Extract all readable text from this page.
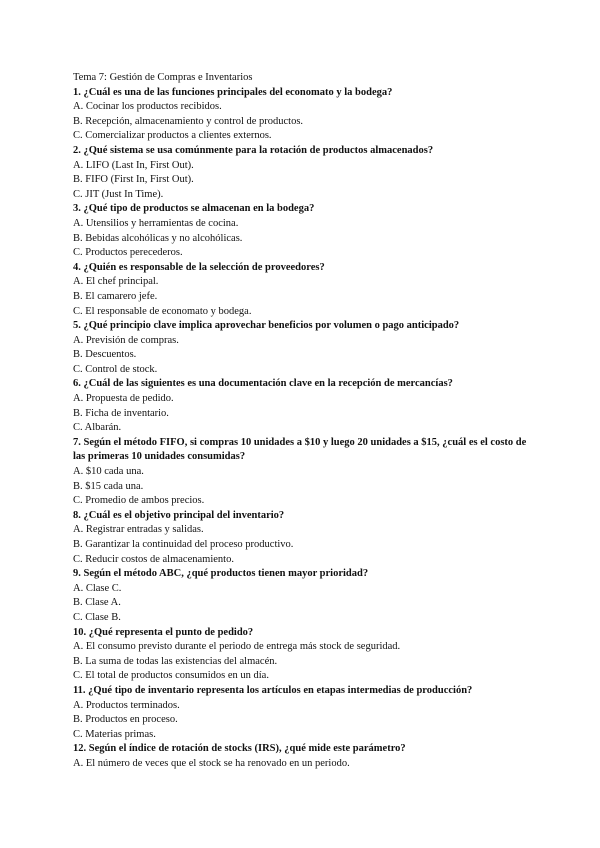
Tema 7: Gestión de Compras e Inventarios
1. ¿Cuál es una de las funciones principales del economato y la bodega?
A. Cocinar los productos recibidos.
B. Recepción, almacenamiento y control de productos.
C. Comercializar productos a clientes externos.
2. ¿Qué sistema se usa comúnmente para la rotación de productos almacenados?
A. LIFO (Last In, First Out).
B. FIFO (First In, First Out).
C. JIT (Just In Time).
3. ¿Qué tipo de productos se almacenan en la bodega?
A. Utensilios y herramientas de cocina.
B. Bebidas alcohólicas y no alcohólicas.
C. Productos perecederos.
4. ¿Quién es responsable de la selección de proveedores?
A. El chef principal.
B. El camarero jefe.
C. El responsable de economato y bodega.
5. ¿Qué principio clave implica aprovechar beneficios por volumen o pago anticipado?
A. Previsión de compras.
B. Descuentos.
C. Control de stock.
6. ¿Cuál de las siguientes es una documentación clave en la recepción de mercancías?
A. Propuesta de pedido.
B. Ficha de inventario.
C. Albarán.
7. Según el método FIFO, si compras 10 unidades a $10 y luego 20 unidades a $15, ¿cuál es el costo de las primeras 10 unidades consumidas?
A. $10 cada una.
B. $15 cada una.
C. Promedio de ambos precios.
8. ¿Cuál es el objetivo principal del inventario?
A. Registrar entradas y salidas.
B. Garantizar la continuidad del proceso productivo.
C. Reducir costos de almacenamiento.
9. Según el método ABC, ¿qué productos tienen mayor prioridad?
A. Clase C.
B. Clase A.
C. Clase B.
10. ¿Qué representa el punto de pedido?
A. El consumo previsto durante el periodo de entrega más stock de seguridad.
B. La suma de todas las existencias del almacén.
C. El total de productos consumidos en un día.
11. ¿Qué tipo de inventario representa los artículos en etapas intermedias de producción?
A. Productos terminados.
B. Productos en proceso.
C. Materias primas.
12. Según el índice de rotación de stocks (IRS), ¿qué mide este parámetro?
A. El número de veces que el stock se ha renovado en un periodo.
